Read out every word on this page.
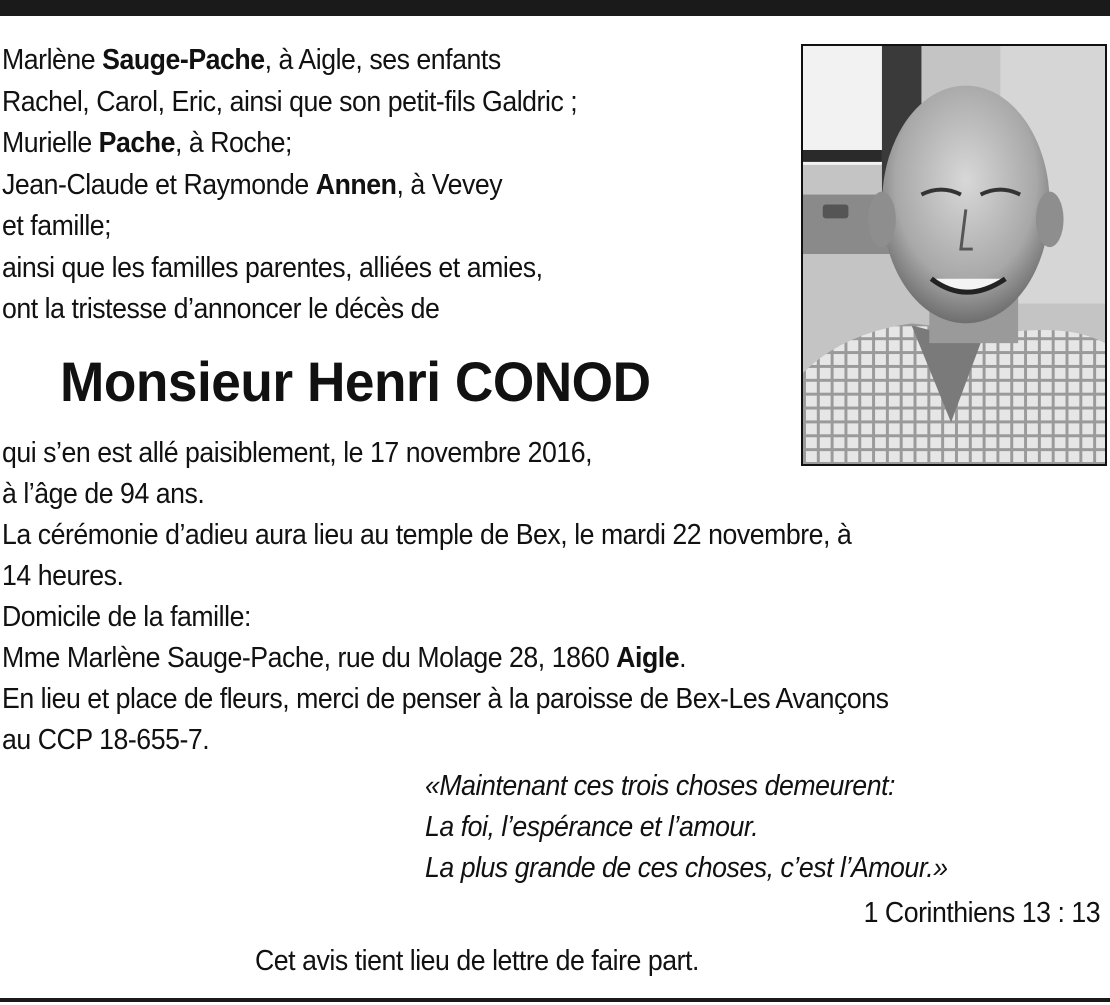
Marlène Sauge-Pache, à Aigle, ses enfants

Rachel, Carol, Eric, ainsi que son petit-fils Galdric ;

Murielle Pache, à Roche;

Jean-Claude et Raymonde Annen, à Vevey

et famille;

ainsi que les familles parentes, alliées et amies,

ont la tristesse d’annoncer le décès de

Monsieur Henri CONOD

qui s’en est allé paisiblement, le 17 novembre 2016,

à l’âge de 94 ans.

La cérémonie d’adieu aura lieu au temple de Bex, le mardi 22 novembre, à

14 heures.

Domicile de la famille:

Mme Marlène Sauge-Pache, rue du Molage 28, 1860 Aigle.

En lieu et place de fleurs, merci de penser à la paroisse de Bex-Les Avançons

au CCP 18-655-7.

«Maintenant ces trois choses demeurent:

La foi, l’espérance et l’amour.

La plus grande de ces choses, c’est l’Amour.»

1 Corinthiens 13 : 13
Cet avis tient lieu de lettre de faire part.
